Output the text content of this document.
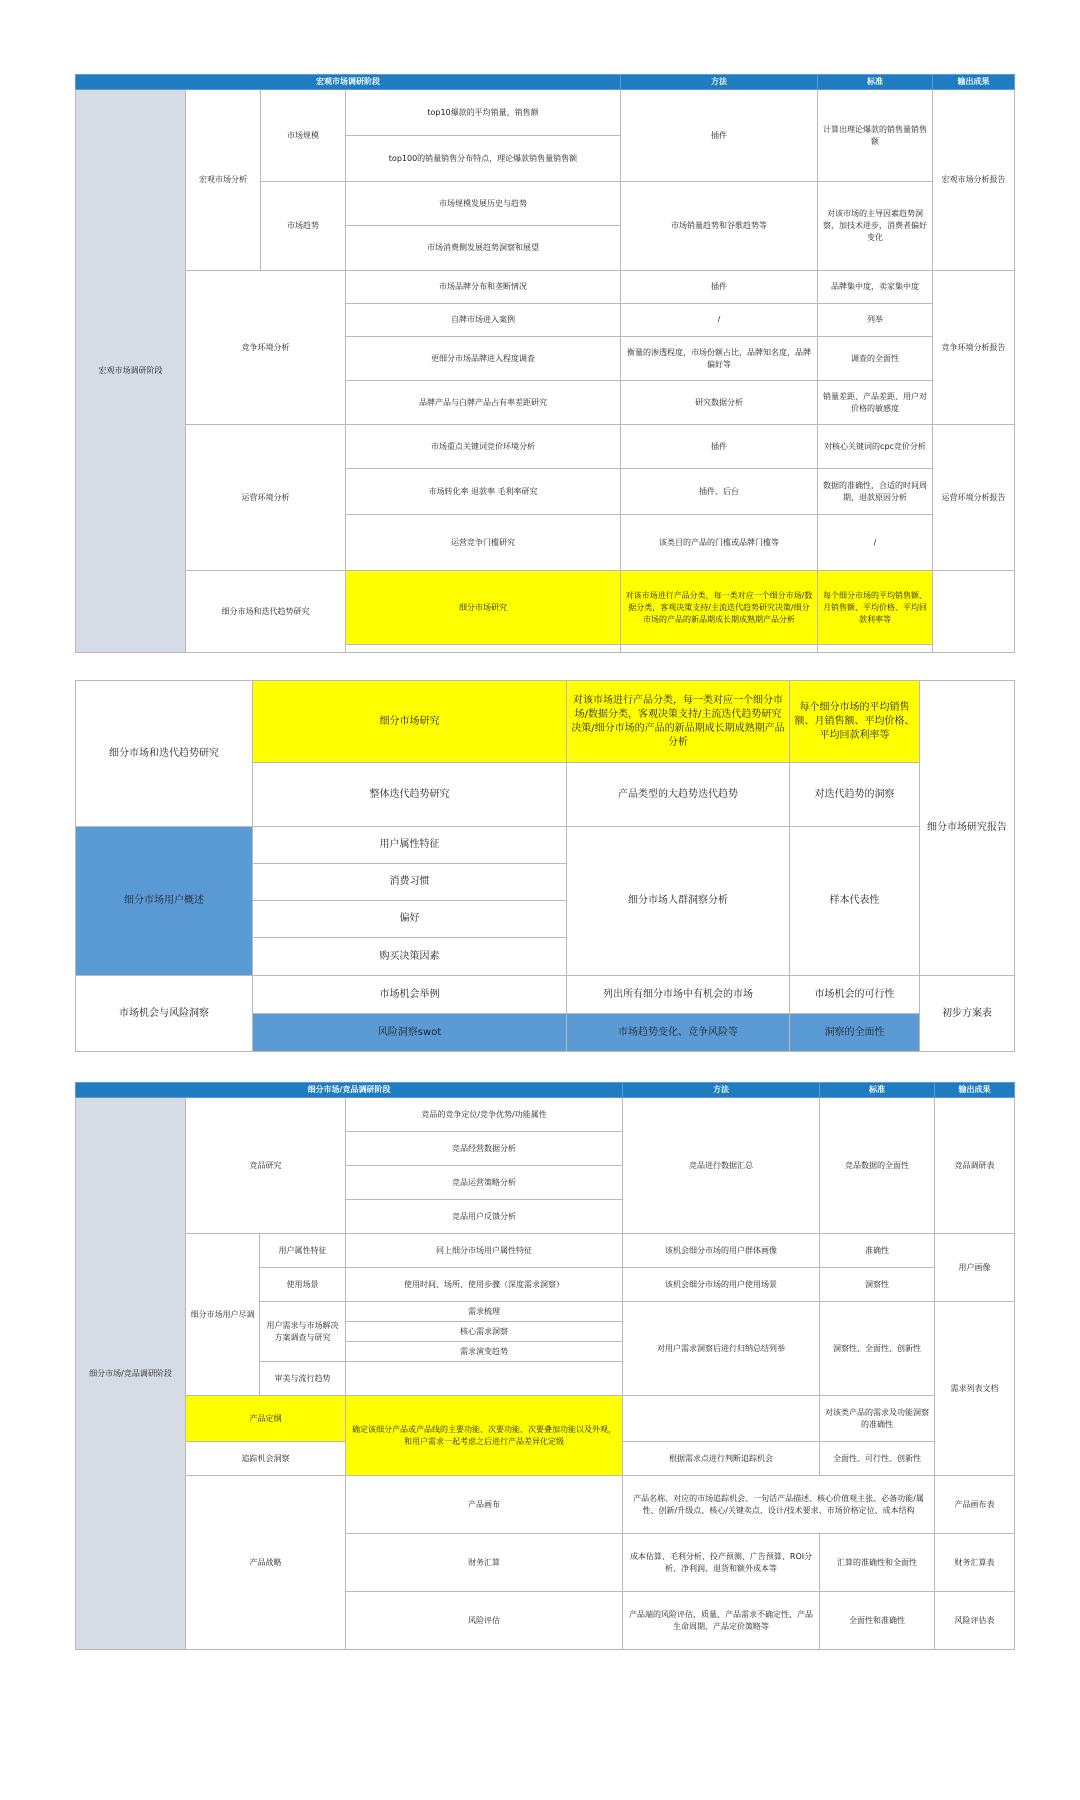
宏观市场调研阶段				方法	标准	输出成果
宏观市场调研阶段	宏观市场分析	市场规模	top10爆款的平均销量，销售额	插件	计算出理论爆款的销售量销售额	宏观市场分析报告
			top100的销量销售分布特点，理论爆款销售量销售额			
		市场趋势	市场规模发展历史与趋势	市场销量趋势和谷歌趋势等	对该市场的主导因素趋势洞察，加技术进步，消费者偏好变化	
			市场消费侧发展趋势洞察和展望			
	竞争环境分析		市场品牌分布和垄断情况	插件	品牌集中度，卖家集中度	竞争环境分析报告
			自牌市场进入案例	/	列举	
			更细分市场品牌进入程度调查	衡量的渗透程度，市场份额占比，品牌知名度，品牌偏好等	调查的全面性	
			品牌产品与白牌产品占有率差距研究	研究数据分析	销量差距、产品差距、用户对价格的敏感度	
	运营环境分析		市场重点关键词竞价环境分析	插件	对核心关键词的cpc竞价分析	运营环境分析报告
			市场转化率 退款率 毛利率研究	插件、后台	数据的准确性，合适的时间周期，退款原因分析	
			运营竞争门槛研究	该类目的产品的门槛或品牌门槛等	/	
	细分市场和迭代趋势研究		细分市场研究	对该市场进行产品分类，每一类对应一个细分市场/数据分类，客观决策支持/主流迭代趋势研究决策/细分市场的产品的新品期成长期成熟期产品分析	每个细分市场的平均销售额、月销售额、平均价格、平均回款利率等	

细分市场和迭代趋势研究	细分市场研究	对该市场进行产品分类，每一类对应一个细分市场/数据分类，客观决策支持/主流迭代趋势研究决策/细分市场的产品的新品期成长期成熟期产品分析	每个细分市场的平均销售额、月销售额、平均价格、平均回款利率等	细分市场研究报告
	整体迭代趋势研究	产品类型的大趋势迭代趋势	对迭代趋势的洞察	
细分市场用户概述	用户属性特征	细分市场人群洞察分析	样本代表性	
	消费习惯			
	偏好			
	购买决策因素			
市场机会与风险洞察	市场机会举例	列出所有细分市场中有机会的市场	市场机会的可行性	初步方案表
	风险洞察swot	市场趋势变化、竞争风险等	洞察的全面性	
细分市场/竞品调研阶段				方法	标准	输出成果
细分市场/竞品调研阶段	竞品研究		竞品的竞争定位/竞争优势/功能属性	竞品进行数据汇总	竞品数据的全面性	竞品调研表
			竞品经营数据分析			
			竞品运营策略分析			
			竞品用户反馈分析			
	细分市场用户尽调	用户属性特征	同上细分市场用户属性特征	该机会细分市场的用户群体画像	准确性	用户画像
		使用场景	使用时间、场所、使用步骤（深度需求洞察）	该机会细分市场的用户使用场景	洞察性	
		用户需求与市场解决方案调查与研究	需求梳理	对用户需求洞察后进行归纳总结列举	洞察性、全面性、创新性	需求列表文档
			核心需求洞察			
			需求演变趋势			
		审美与流行趋势				
	产品定纲		确定该细分产品或产品线的主要功能、次要功能、次要叠加功能以及外观，和用户需求一起考虑之后进行产品差异化定级		对该类产品的需求及功能洞察的准确性	
	追踪机会洞察			根据需求点进行判断追踪机会	全面性、可行性、创新性	
	产品战略		产品画布	产品名称、对应的市场追踪机会、一句话产品描述、核心价值观主张、必备功能/属性、创新/升级点、核心/关键卖点、设计/技术要求、市场价格定位、成本结构		产品画布表
			财务汇算	成本估算、毛利分析、投产预测、广告预算、ROI分析、净利润、退货和额外成本等	汇算的准确性和全面性	财务汇算表
			风险评估	产品端的风险评估，质量、产品需求不确定性、产品生命周期、产品定价策略等	全面性和准确性	风险评估表
